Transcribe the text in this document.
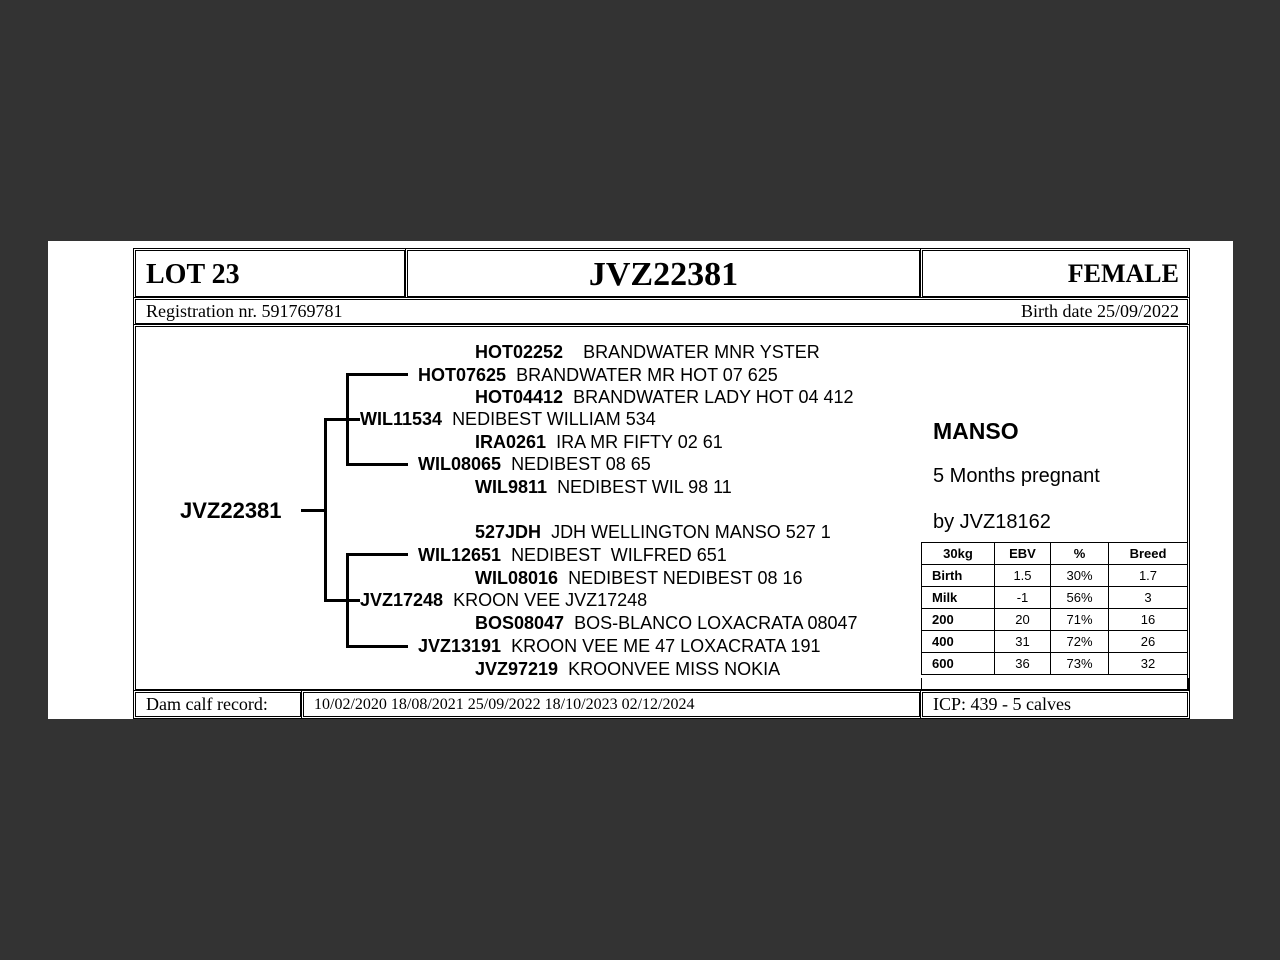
LOT 23	JVZ22381	FEMALE
Registration nr. 591769781	Birth date 25/09/2022
JVZ22381
HOT02252 BRANDWATER MNR YSTER
HOT07625 BRANDWATER MR HOT 07 625
HOT04412 BRANDWATER LADY HOT 04 412
WIL11534 NEDIBEST WILLIAM 534
IRA0261 IRA MR FIFTY 02 61
WIL08065 NEDIBEST 08 65
WIL9811 NEDIBEST WIL 98 11
527JDH JDH WELLINGTON MANSO 527 1
WIL12651 NEDIBEST  WILFRED 651
WIL08016 NEDIBEST NEDIBEST 08 16
JVZ17248 KROON VEE JVZ17248
BOS08047 BOS-BLANCO LOXACRATA 08047
JVZ13191 KROON VEE ME 47 LOXACRATA 191
JVZ97219 KROONVEE MISS NOKIA
MANSO
5 Months pregnant
by JVZ18162
30kg	EBV	%	Breed
Birth	1.5	30%	1.7
Milk	-1	56%	3
200	20	71%	16
400	31	72%	26
600	36	73%	32
Dam calf record:	10/02/2020 18/08/2021 25/09/2022 18/10/2023 02/12/2024	ICP: 439 - 5 calves
